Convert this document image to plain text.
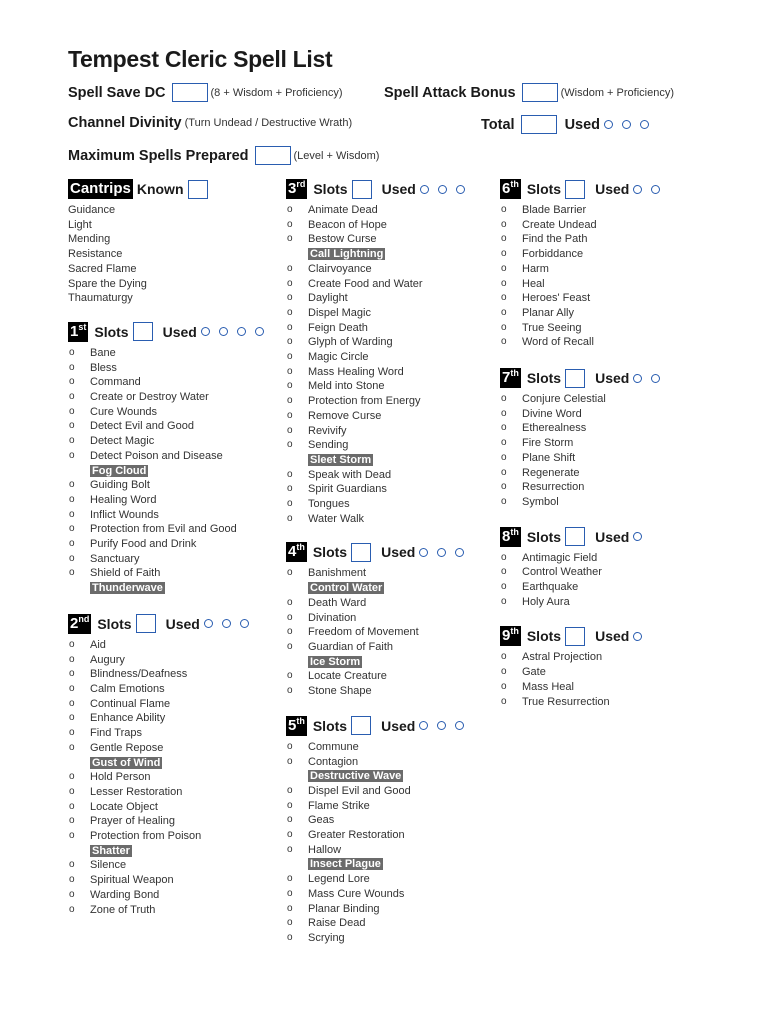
Tempest Cleric Spell List
Spell Save DC	(8 + Wisdom + Proficiency)	Spell Attack Bonus	(Wisdom + Proficiency)
Channel Divinity (Turn Undead / Destructive Wrath)	Total	Used
Maximum Spells Prepared	(Level + Wisdom)
Cantrips Known
Guidance
Light
Mending
Resistance
Sacred Flame
Spare the Dying
Thaumaturgy
1st Slots Used
o Bane
o Bless
o Command
o Create or Destroy Water
o Cure Wounds
o Detect Evil and Good
o Detect Magic
o Detect Poison and Disease
Fog Cloud
o Guiding Bolt
o Healing Word
o Inflict Wounds
o Protection from Evil and Good
o Purify Food and Drink
o Sanctuary
o Shield of Faith
Thunderwave
2nd Slots Used
o Aid
o Augury
o Blindness/Deafness
o Calm Emotions
o Continual Flame
o Enhance Ability
o Find Traps
o Gentle Repose
Gust of Wind
o Hold Person
o Lesser Restoration
o Locate Object
o Prayer of Healing
o Protection from Poison
Shatter
o Silence
o Spiritual Weapon
o Warding Bond
o Zone of Truth
3rd Slots Used
o Animate Dead
o Beacon of Hope
o Bestow Curse
Call Lightning
o Clairvoyance
o Create Food and Water
o Daylight
o Dispel Magic
o Feign Death
o Glyph of Warding
o Magic Circle
o Mass Healing Word
o Meld into Stone
o Protection from Energy
o Remove Curse
o Revivify
o Sending
Sleet Storm
o Speak with Dead
o Spirit Guardians
o Tongues
o Water Walk
4th Slots Used
o Banishment
Control Water
o Death Ward
o Divination
o Freedom of Movement
o Guardian of Faith
Ice Storm
o Locate Creature
o Stone Shape
5th Slots Used
o Commune
o Contagion
Destructive Wave
o Dispel Evil and Good
o Flame Strike
o Geas
o Greater Restoration
o Hallow
Insect Plague
o Legend Lore
o Mass Cure Wounds
o Planar Binding
o Raise Dead
o Scrying
6th Slots Used
o Blade Barrier
o Create Undead
o Find the Path
o Forbiddance
o Harm
o Heal
o Heroes' Feast
o Planar Ally
o True Seeing
o Word of Recall
7th Slots Used
o Conjure Celestial
o Divine Word
o Etherealness
o Fire Storm
o Plane Shift
o Regenerate
o Resurrection
o Symbol
8th Slots Used
o Antimagic Field
o Control Weather
o Earthquake
o Holy Aura
9th Slots Used
o Astral Projection
o Gate
o Mass Heal
o True Resurrection
